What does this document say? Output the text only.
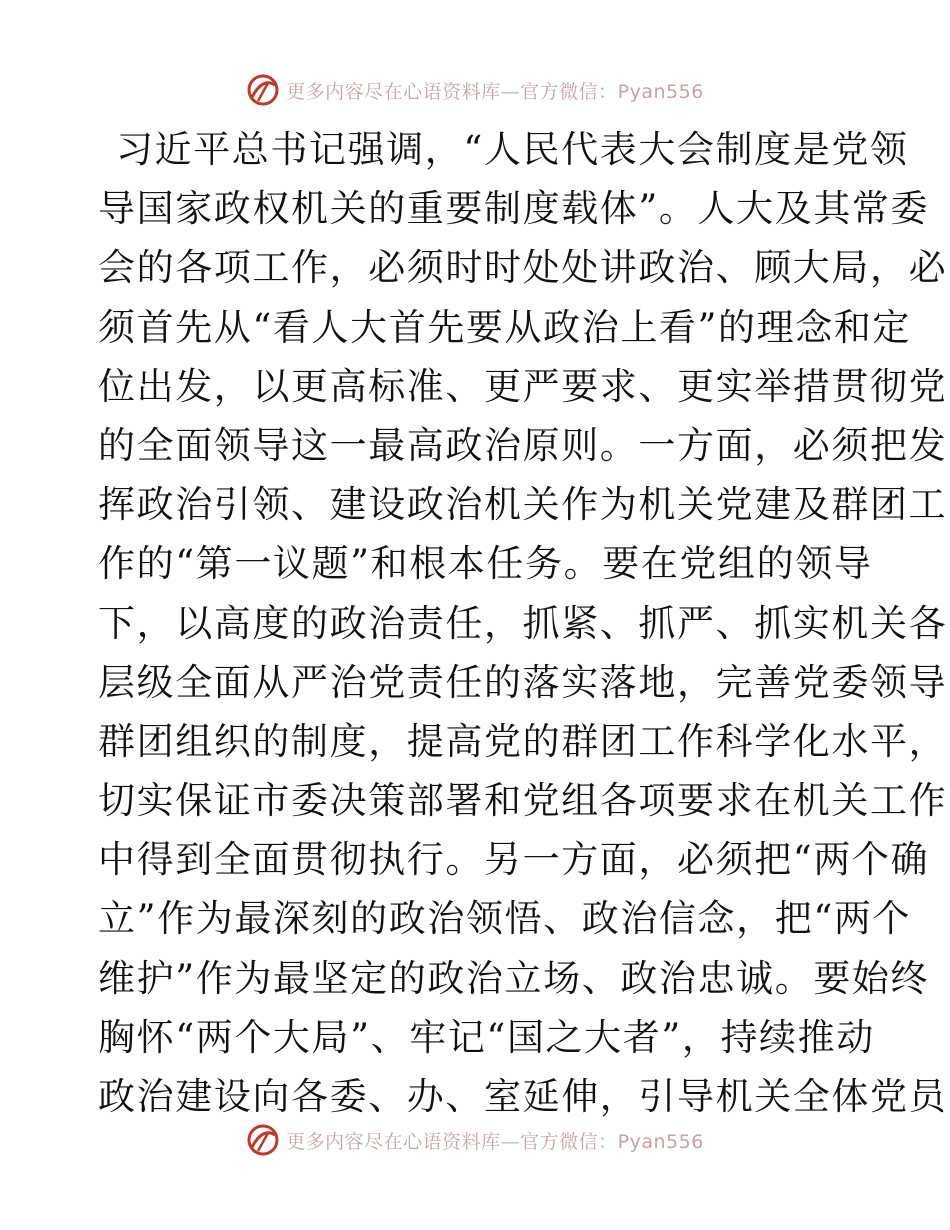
更多内容尽在心语资料库—官方微信：Pyan556
习近平总书记强调，“人民代表大会制度是党领
导国家政权机关的重要制度载体”。人大及其常委
会的各项工作，必须时时处处讲政治、顾大局，必
须首先从“看人大首先要从政治上看”的理念和定
位出发，以更高标准、更严要求、更实举措贯彻党
的全面领导这一最高政治原则。一方面，必须把发
挥政治引领、建设政治机关作为机关党建及群团工
作的“第一议题”和根本任务。要在党组的领导
下，以高度的政治责任，抓紧、抓严、抓实机关各
层级全面从严治党责任的落实落地，完善党委领导
群团组织的制度，提高党的群团工作科学化水平，
切实保证市委决策部署和党组各项要求在机关工作
中得到全面贯彻执行。另一方面，必须把“两个确
立”作为最深刻的政治领悟、政治信念，把“两个
维护”作为最坚定的政治立场、政治忠诚。要始终
胸怀“两个大局”、牢记“国之大者”，持续推动
政治建设向各委、办、室延伸，引导机关全体党员
更多内容尽在心语资料库—官方微信：Pyan556
